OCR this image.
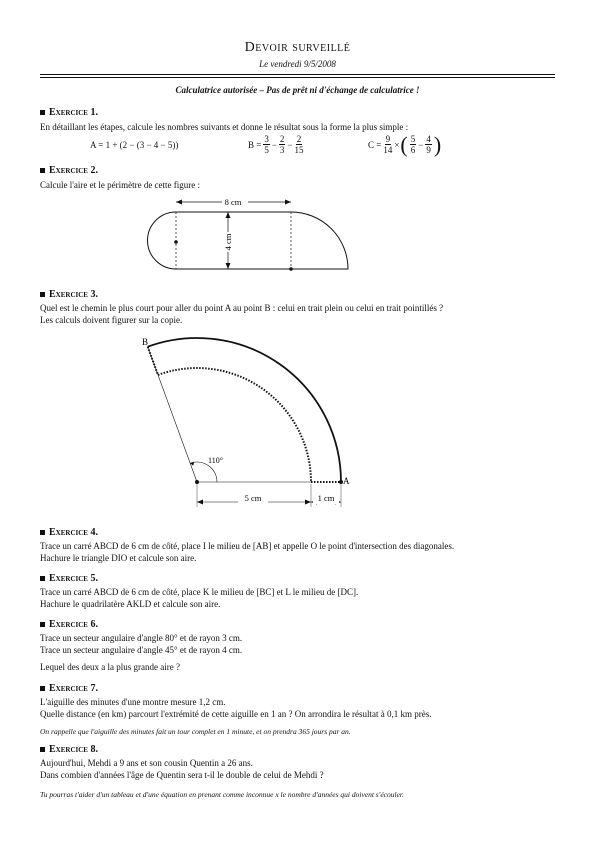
Devoir surveillé
Le vendredi 9/5/2008
Calculatrice autorisée – Pas de prêt ni d'échange de calculatrice !
Exercice 1.
En détaillant les étapes, calcule les nombres suivants et donne le résultat sous la forme la plus simple :
A = 1 + (2 − (3 − 4 − 5))	$B = \frac{3}{5} - \frac{2}{3} - \frac{2}{15}$	$C = \frac{9}{14}$ × ( $\frac{5}{6} - \frac{4}{9}$ )
Exercice 2.
Calcule l'aire et le périmètre de cette figure :
8 cm
4 cm
Exercice 3.
Quel est le chemin le plus court pour aller du point A au point B : celui en trait plein ou celui en trait pointillés ?
Les calculs doivent figurer sur la copie.
110°
B
A
5 cm	1 cm
Exercice 4.
Trace un carré ABCD de 6 cm de côté, place I le milieu de [AB] et appelle O le point d'intersection des diagonales.
Hachure le triangle DIO et calcule son aire.
Exercice 5.
Trace un carré ABCD de 6 cm de côté, place K le milieu de [BC] et L le milieu de [DC].
Hachure le quadrilatère AKLD et calcule son aire.
Exercice 6.
Trace un secteur angulaire d'angle 80° et de rayon 3 cm.
Trace un secteur angulaire d'angle 45° et de rayon 4 cm.
Lequel des deux a la plus grande aire ?
Exercice 7.
L'aiguille des minutes d'une montre mesure 1,2 cm.
Quelle distance (en km) parcourt l'extrémité de cette aiguille en 1 an ? On arrondira le résultat à 0,1 km près.
On rappelle que l'aiguille des minutes fait un tour complet en 1 minute, et on prendra 365 jours par an.
Exercice 8.
Aujourd'hui, Mehdi a 9 ans et son cousin Quentin a 26 ans.
Dans combien d'années l'âge de Quentin sera t-il le double de celui de Mehdi ?
Tu pourras t'aider d'un tableau et d'une équation en prenant comme inconnue x le nombre d'années qui doivent s'écouler.
